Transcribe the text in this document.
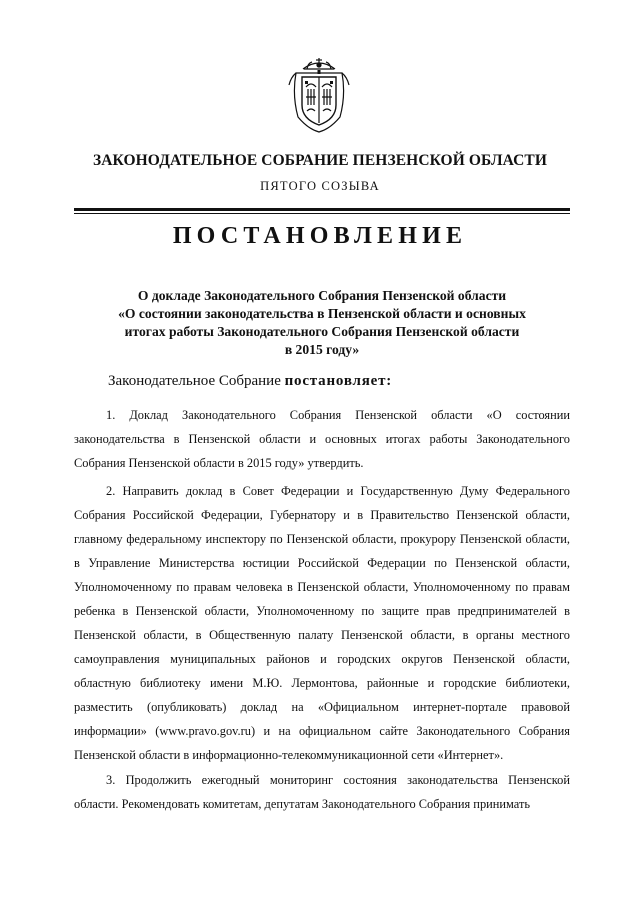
ЗАКОНОДАТЕЛЬНОЕ СОБРАНИЕ ПЕНЗЕНСКОЙ ОБЛАСТИ
ПЯТОГО СОЗЫВА
ПОСТАНОВЛЕНИЕ
О докладе Законодательного Собрания Пензенской области
«О состоянии законодательства в Пензенской области и основных
итогах работы Законодательного Собрания Пензенской области
в 2015 году»
Законодательное Собрание постановляет:
1. Доклад Законодательного Собрания Пензенской области «О состоянии законодательства в Пензенской области и основных итогах работы Законодательного Собрания Пензенской области в 2015 году» утвердить.
2. Направить доклад в Совет Федерации и Государственную Думу Федерального Собрания Российской Федерации, Губернатору и в Правительство Пензенской области, главному федеральному инспектору по Пензенской области, прокурору Пензенской области, в Управление Министерства юстиции Российской Федерации по Пензенской области, Уполномоченному по правам человека в Пензенской области, Уполномоченному по правам ребенка в Пензенской области, Уполномоченному по защите прав предпринимателей в Пензенской области, в Общественную палату Пензенской области, в органы местного самоуправления муниципальных районов и городских округов Пензенской области, областную библиотеку имени М.Ю. Лермонтова, районные и городские библиотеки, разместить (опубликовать) доклад на «Официальном интернет-портале правовой информации» (www.pravo.gov.ru) и на официальном сайте Законодательного Собрания Пензенской области в информационно-телекоммуникационной сети «Интернет».
3. Продолжить ежегодный мониторинг состояния законодательства Пензенской области. Рекомендовать комитетам, депутатам Законодательного Собрания принимать
